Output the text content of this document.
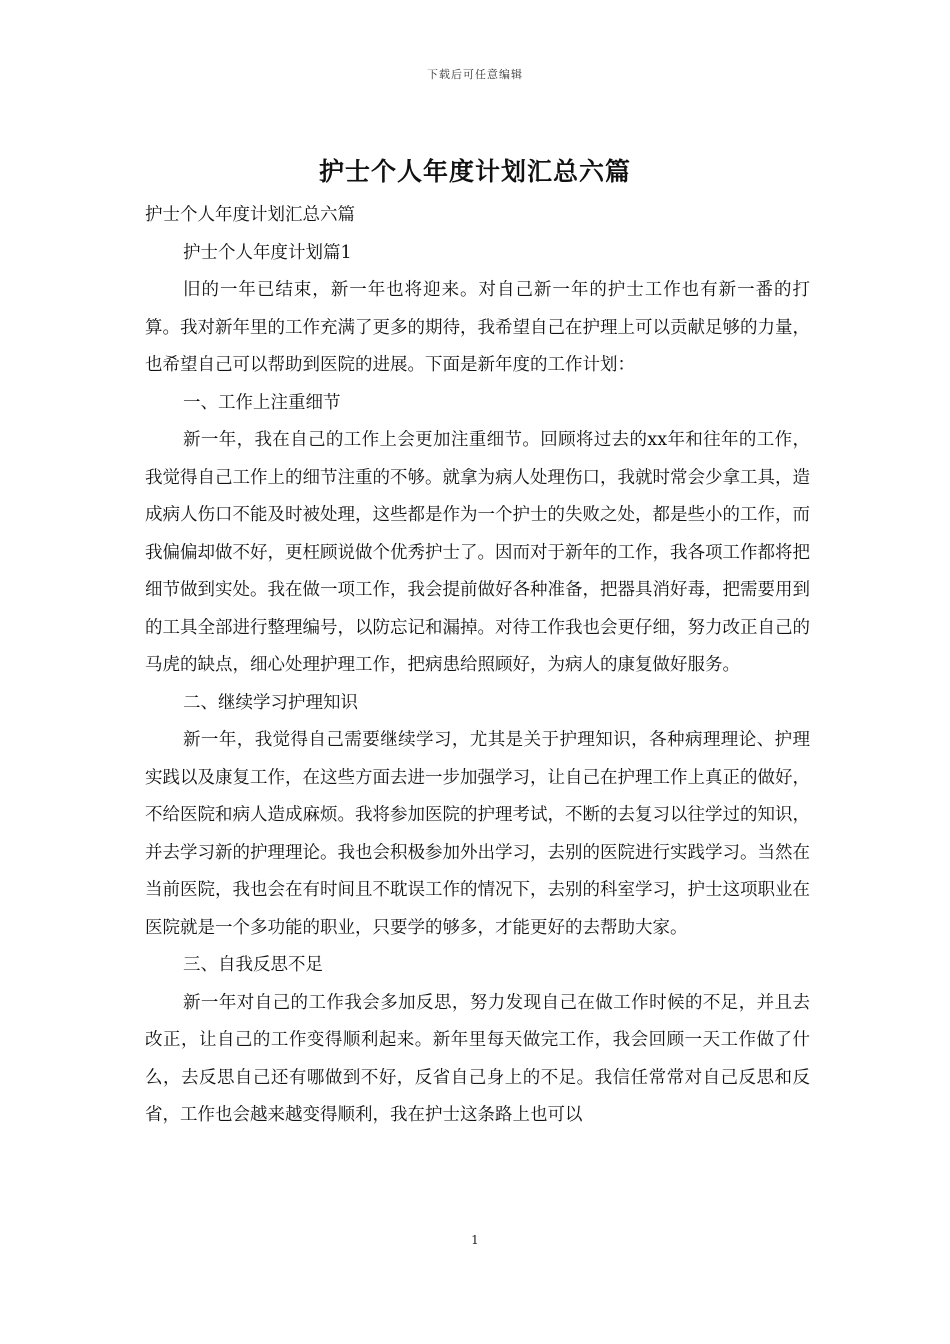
下载后可任意编辑
护士个人年度计划汇总六篇

护士个人年度计划汇总六篇

护士个人年度计划篇1

旧的一年已结束，新一年也将迎来。对自己新一年的护士工作也有新一番的打算。我对新年里的工作充满了更多的期待，我希望自己在护理上可以贡献足够的力量，也希望自己可以帮助到医院的进展。下面是新年度的工作计划：

一、工作上注重细节

新一年，我在自己的工作上会更加注重细节。回顾将过去的xx年和往年的工作，我觉得自己工作上的细节注重的不够。就拿为病人处理伤口，我就时常会少拿工具，造成病人伤口不能及时被处理，这些都是作为一个护士的失败之处，都是些小的工作，而我偏偏却做不好，更枉顾说做个优秀护士了。因而对于新年的工作，我各项工作都将把细节做到实处。我在做一项工作，我会提前做好各种准备，把器具消好毒，把需要用到的工具全部进行整理编号，以防忘记和漏掉。对待工作我也会更仔细，努力改正自己的马虎的缺点，细心处理护理工作，把病患给照顾好，为病人的康复做好服务。

二、继续学习护理知识

新一年，我觉得自己需要继续学习，尤其是关于护理知识，各种病理理论、护理实践以及康复工作，在这些方面去进一步加强学习，让自己在护理工作上真正的做好，不给医院和病人造成麻烦。我将参加医院的护理考试，不断的去复习以往学过的知识，并去学习新的护理理论。我也会积极参加外出学习，去别的医院进行实践学习。当然在当前医院，我也会在有时间且不耽误工作的情况下，去别的科室学习，护士这项职业在医院就是一个多功能的职业，只要学的够多，才能更好的去帮助大家。

三、自我反思不足

新一年对自己的工作我会多加反思，努力发现自己在做工作时候的不足，并且去改正，让自己的工作变得顺利起来。新年里每天做完工作，我会回顾一天工作做了什么，去反思自己还有哪做到不好，反省自己身上的不足。我信任常常对自己反思和反省，工作也会越来越变得顺利，我在护士这条路上也可以

1
